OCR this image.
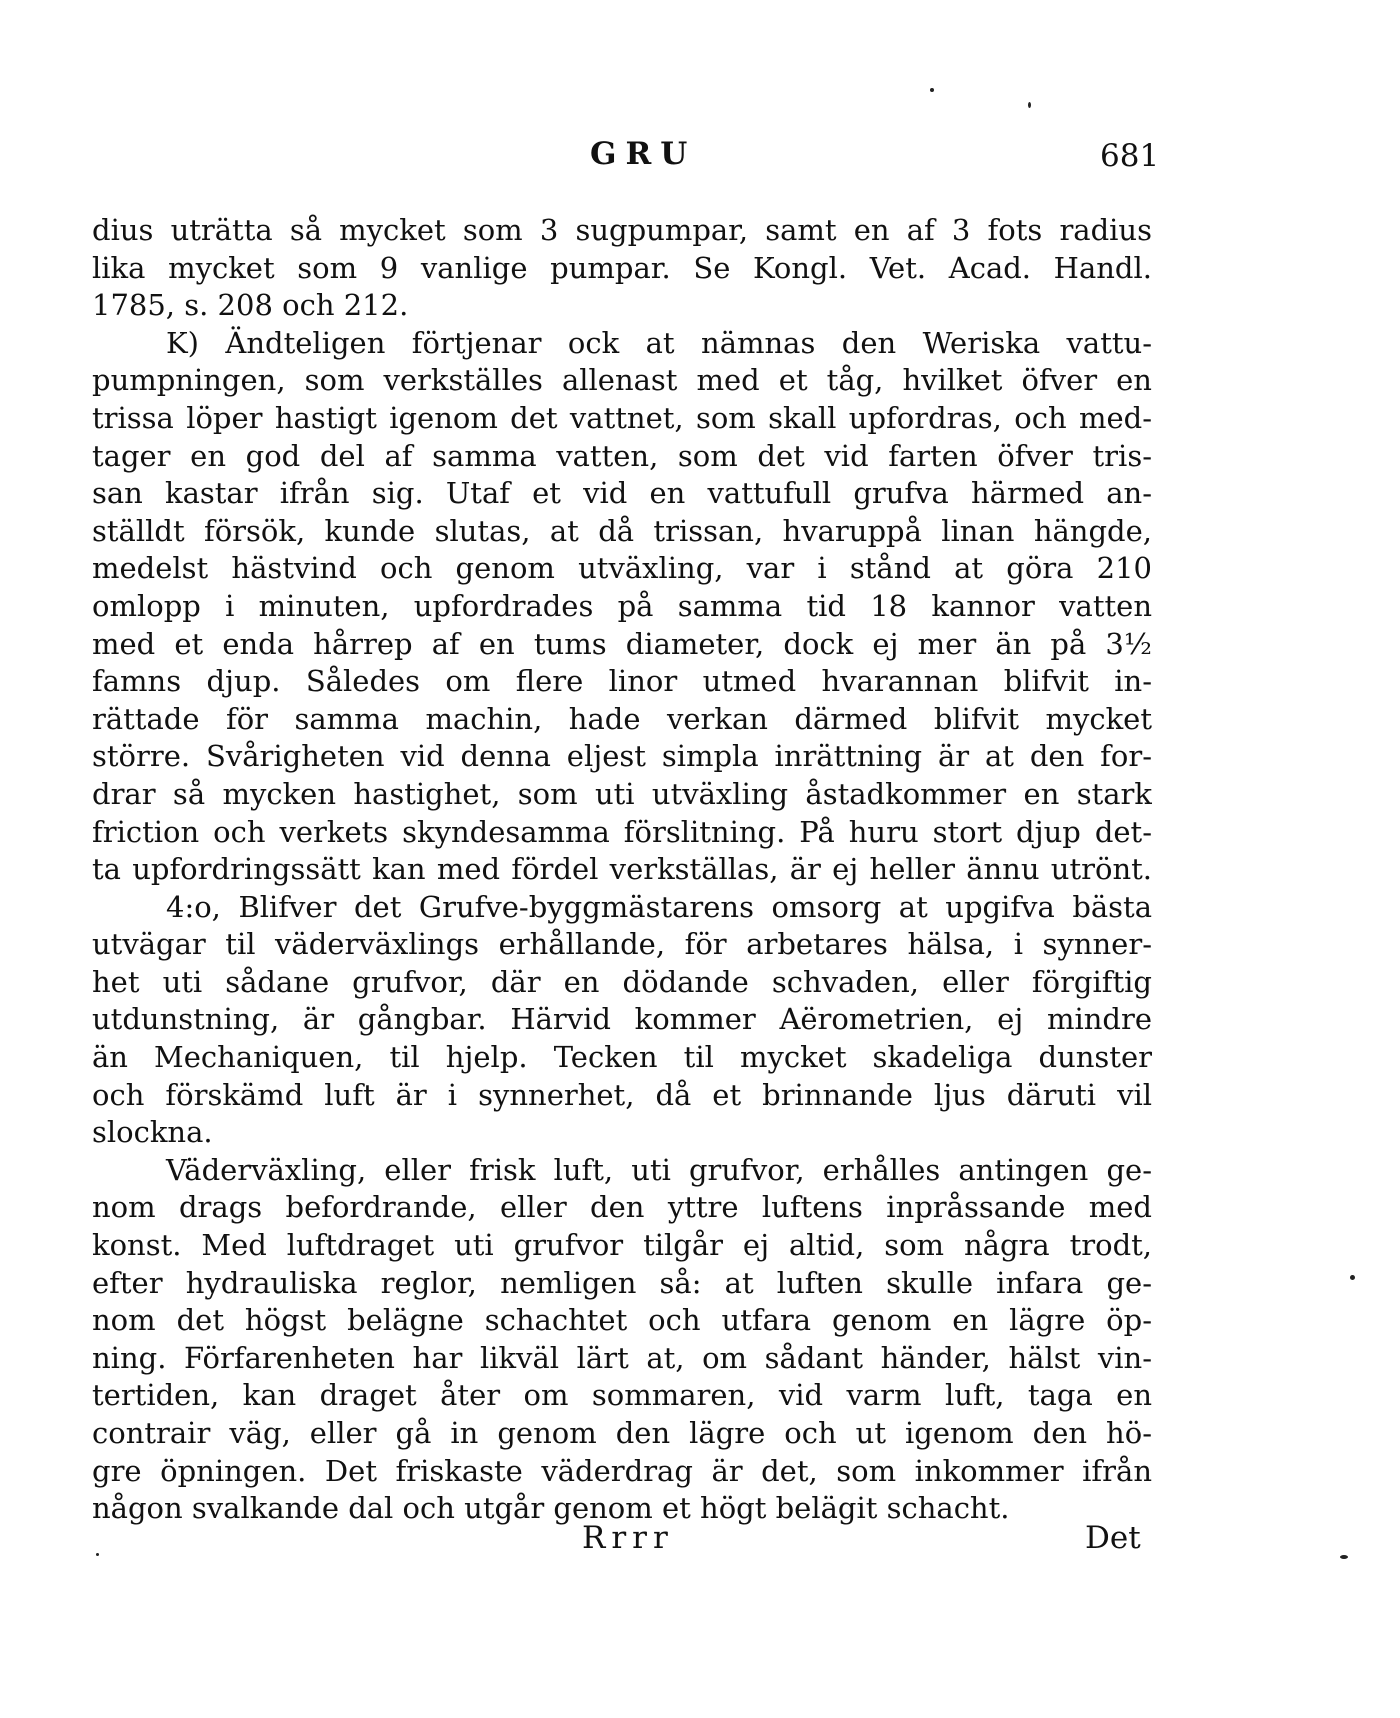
GRU	681
dius uträtta så mycket som 3 sugpumpar, samt en af 3 fots radius
lika mycket som 9 vanlige pumpar. Se Kongl. Vet. Acad. Handl.
1785, s. 208 och 212.
K) Ändteligen förtjenar ock at nämnas den Weriska vattu-
pumpningen, som verkställes allenast med et tåg, hvilket öfver en
trissa löper hastigt igenom det vattnet, som skall upfordras, och med-
tager en god del af samma vatten, som det vid farten öfver tris-
san kastar ifrån sig. Utaf et vid en vattufull grufva härmed an-
ställdt försök, kunde slutas, at då trissan, hvaruppå linan hängde,
medelst hästvind och genom utväxling, var i stånd at göra 210
omlopp i minuten, upfordrades på samma tid 18 kannor vatten
med et enda hårrep af en tums diameter, dock ej mer än på 3½
famns djup. Således om flere linor utmed hvarannan blifvit in-
rättade för samma machin, hade verkan därmed blifvit mycket
större. Svårigheten vid denna eljest simpla inrättning är at den for-
drar så mycken hastighet, som uti utväxling åstadkommer en stark
friction och verkets skyndesamma förslitning. På huru stort djup det-
ta upfordringssätt kan med fördel verkställas, är ej heller ännu utrönt.
4:o, Blifver det Grufve-byggmästarens omsorg at upgifva bästa
utvägar til väderväxlings erhållande, för arbetares hälsa, i synner-
het uti sådane grufvor, där en dödande schvaden, eller förgiftig
utdunstning, är gångbar. Härvid kommer Aërometrien, ej mindre
än Mechaniquen, til hjelp. Tecken til mycket skadeliga dunster
och förskämd luft är i synnerhet, då et brinnande ljus däruti vil
slockna.
Väderväxling, eller frisk luft, uti grufvor, erhålles antingen ge-
nom drags befordrande, eller den yttre luftens inpråssande med
konst. Med luftdraget uti grufvor tilgår ej altid, som några trodt,
efter hydrauliska reglor, nemligen så: at luften skulle infara ge-
nom det högst belägne schachtet och utfara genom en lägre öp-
ning. Förfarenheten har likväl lärt at, om sådant händer, hälst vin-
tertiden, kan draget åter om sommaren, vid varm luft, taga en
contrair väg, eller gå in genom den lägre och ut igenom den hö-
gre öpningen. Det friskaste väderdrag är det, som inkommer ifrån
någon svalkande dal och utgår genom et högt belägit schacht.
Rrrr	Det
